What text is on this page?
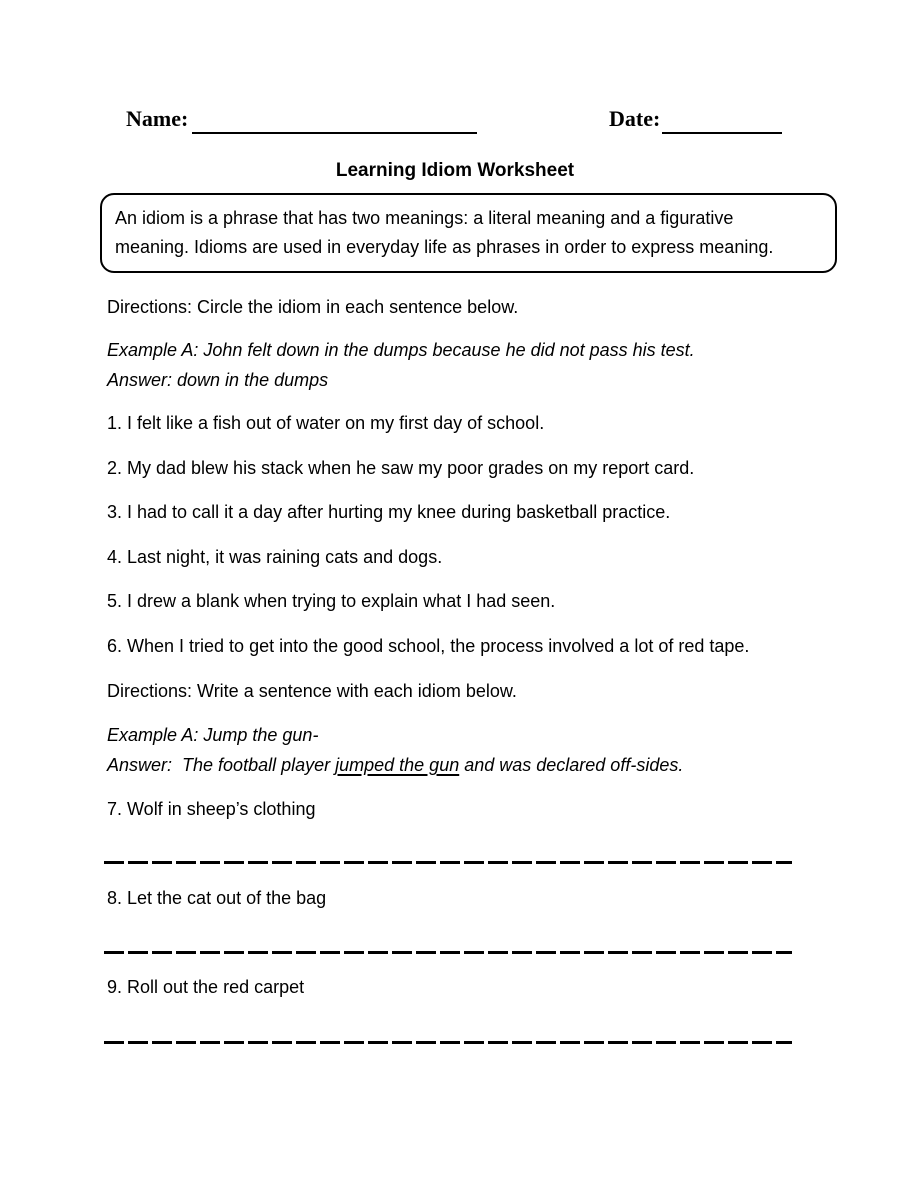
Name:	Date:
Learning Idiom Worksheet
An idiom is a phrase that has two meanings: a literal meaning and a figurative
meaning. Idioms are used in everyday life as phrases in order to express meaning.
Directions: Circle the idiom in each sentence below.
Example A: John felt down in the dumps because he did not pass his test.
Answer: down in the dumps
1. I felt like a fish out of water on my first day of school.
2. My dad blew his stack when he saw my poor grades on my report card.
3. I had to call it a day after hurting my knee during basketball practice.
4. Last night, it was raining cats and dogs.
5. I drew a blank when trying to explain what I had seen.
6. When I tried to get into the good school, the process involved a lot of red tape.
Directions: Write a sentence with each idiom below.
Example A: Jump the gun-
Answer:  The football player jumped the gun and was declared off-sides.
7. Wolf in sheep’s clothing
8. Let the cat out of the bag
9. Roll out the red carpet
